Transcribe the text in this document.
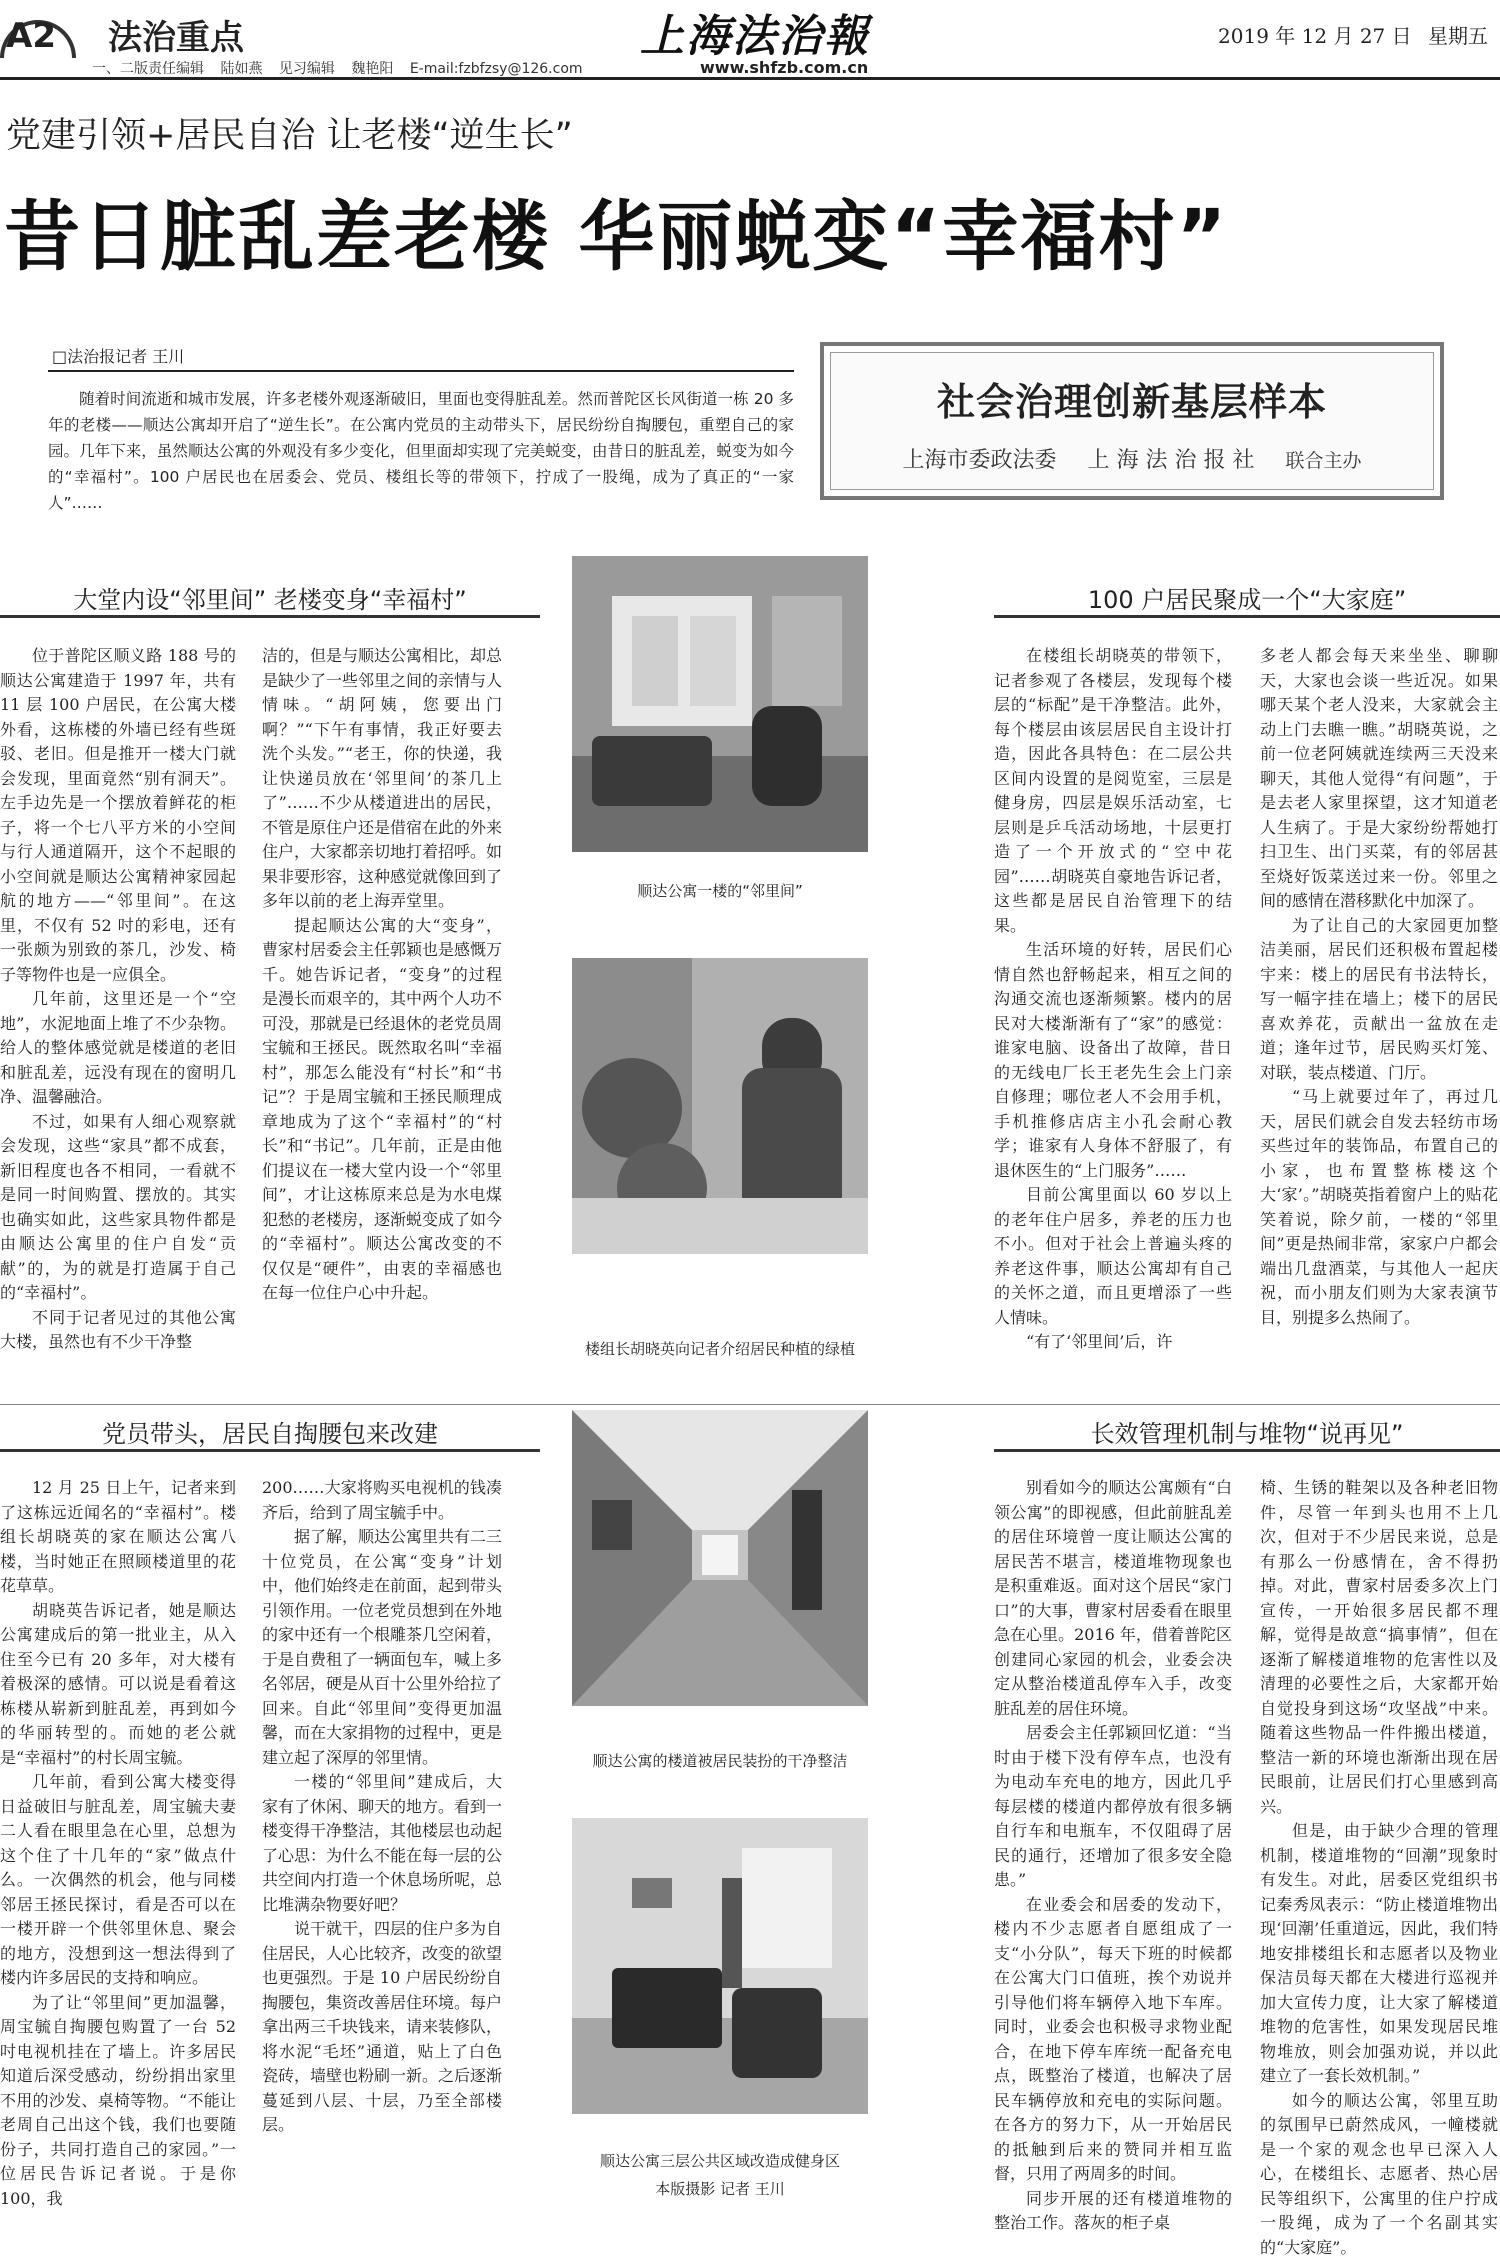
A2 法治重点
一、二版责任编辑 陆如燕 见习编辑 魏艳阳 E-mail:fzbfzsy@126.com
上海法治報
www.shfzb.com.cn
2019 年 12 月 27 日 星期五
党建引领+居民自治 让老楼“逆生长”
昔日脏乱差老楼 华丽蜕变“幸福村”
□法治报记者 王川
随着时间流逝和城市发展，许多老楼外观逐渐破旧，里面也变得脏乱差。然而普陀区长风街道一栋 20 多年的老楼——顺达公寓却开启了“逆生长”。在公寓内党员的主动带头下，居民纷纷自掏腰包，重塑自己的家园。几年下来，虽然顺达公寓的外观没有多少变化，但里面却实现了完美蜕变，由昔日的脏乱差，蜕变为如今的“幸福村”。100 户居民也在居委会、党员、楼组长等的带领下，拧成了一股绳，成为了真正的“一家人”……
社会治理创新基层样本
上海市委政法委 上 海 法 治 报 社 联合主办
大堂内设“邻里间” 老楼变身“幸福村”

位于普陀区顺义路 188 号的顺达公寓建造于 1997 年，共有 11 层 100 户居民，在公寓大楼外看，这栋楼的外墙已经有些斑驳、老旧。但是推开一楼大门就会发现，里面竟然“别有洞天”。左手边先是一个摆放着鲜花的柜子，将一个七八平方米的小空间与行人通道隔开，这个不起眼的小空间就是顺达公寓精神家园起航的地方——“邻里间”。在这里，不仅有 52 吋的彩电，还有一张颇为别致的茶几，沙发、椅子等物件也是一应俱全。

几年前，这里还是一个“空地”，水泥地面上堆了不少杂物。给人的整体感觉就是楼道的老旧和脏乱差，远没有现在的窗明几净、温馨融洽。

不过，如果有人细心观察就会发现，这些“家具”都不成套，新旧程度也各不相同，一看就不是同一时间购置、摆放的。其实也确实如此，这些家具物件都是由顺达公寓里的住户自发“贡献”的，为的就是打造属于自己的“幸福村”。

不同于记者见过的其他公寓大楼，虽然也有不少干净整

洁的，但是与顺达公寓相比，却总是缺少了一些邻里之间的亲情与人情味。“胡阿姨，您要出门啊？”“下午有事情，我正好要去洗个头发。”“老王，你的快递，我让快递员放在‘邻里间’的茶几上了”……不少从楼道进出的居民，不管是原住户还是借宿在此的外来住户，大家都亲切地打着招呼。如果非要形容，这种感觉就像回到了多年以前的老上海弄堂里。

提起顺达公寓的大“变身”，曹家村居委会主任郭颖也是感慨万千。她告诉记者，“变身”的过程是漫长而艰辛的，其中两个人功不可没，那就是已经退休的老党员周宝毓和王拯民。既然取名叫“幸福村”，那怎么能没有“村长”和“书记”？于是周宝毓和王拯民顺理成章地成为了这个“幸福村”的“村长”和“书记”。几年前，正是由他们提议在一楼大堂内设一个“邻里间”，才让这栋原来总是为水电煤犯愁的老楼房，逐渐蜕变成了如今的“幸福村”。顺达公寓改变的不仅仅是“硬件”，由衷的幸福感也在每一位住户心中升起。

顺达公寓一楼的“邻里间”
楼组长胡晓英向记者介绍居民种植的绿植
100 户居民聚成一个“大家庭”

在楼组长胡晓英的带领下，记者参观了各楼层，发现每个楼层的“标配”是干净整洁。此外，每个楼层由该层居民自主设计打造，因此各具特色：在二层公共区间内设置的是阅览室，三层是健身房，四层是娱乐活动室，七层则是乒乓活动场地，十层更打造了一个开放式的“空中花园”……胡晓英自豪地告诉记者，这些都是居民自治管理下的结果。

生活环境的好转，居民们心情自然也舒畅起来，相互之间的沟通交流也逐渐频繁。楼内的居民对大楼渐渐有了“家”的感觉：谁家电脑、设备出了故障，昔日的无线电厂长王老先生会上门亲自修理；哪位老人不会用手机，手机推修店店主小孔会耐心教学；谁家有人身体不舒服了，有退休医生的“上门服务”……

目前公寓里面以 60 岁以上的老年住户居多，养老的压力也不小。但对于社会上普遍头疼的养老这件事，顺达公寓却有自己的关怀之道，而且更增添了一些人情味。

“有了‘邻里间’后，许

多老人都会每天来坐坐、聊聊天，大家也会谈一些近况。如果哪天某个老人没来，大家就会主动上门去瞧一瞧。”胡晓英说，之前一位老阿姨就连续两三天没来聊天，其他人觉得“有问题”，于是去老人家里探望，这才知道老人生病了。于是大家纷纷帮她打扫卫生、出门买菜，有的邻居甚至烧好饭菜送过来一份。邻里之间的感情在潜移默化中加深了。

为了让自己的大家园更加整洁美丽，居民们还积极布置起楼宇来：楼上的居民有书法特长，写一幅字挂在墙上；楼下的居民喜欢养花，贡献出一盆放在走道；逢年过节，居民购买灯笼、对联，装点楼道、门厅。

“马上就要过年了，再过几天，居民们就会自发去轻纺市场买些过年的装饰品，布置自己的小家，也布置整栋楼这个大‘家’。”胡晓英指着窗户上的贴花笑着说，除夕前，一楼的“邻里间”更是热闹非常，家家户户都会端出几盘酒菜，与其他人一起庆祝，而小朋友们则为大家表演节目，别提多么热闹了。

党员带头，居民自掏腰包来改建

12 月 25 日上午，记者来到了这栋远近闻名的“幸福村”。楼组长胡晓英的家在顺达公寓八楼，当时她正在照顾楼道里的花花草草。

胡晓英告诉记者，她是顺达公寓建成后的第一批业主，从入住至今已有 20 多年，对大楼有着极深的感情。可以说是看着这栋楼从崭新到脏乱差，再到如今的华丽转型的。而她的老公就是“幸福村”的村长周宝毓。

几年前，看到公寓大楼变得日益破旧与脏乱差，周宝毓夫妻二人看在眼里急在心里，总想为这个住了十几年的“家”做点什么。一次偶然的机会，他与同楼邻居王拯民探讨，看是否可以在一楼开辟一个供邻里休息、聚会的地方，没想到这一想法得到了楼内许多居民的支持和响应。

为了让“邻里间”更加温馨，周宝毓自掏腰包购置了一台 52 吋电视机挂在了墙上。许多居民知道后深受感动，纷纷捐出家里不用的沙发、桌椅等物。“不能让老周自己出这个钱，我们也要随份子，共同打造自己的家园。”一位居民告诉记者说。于是你 100，我

200……大家将购买电视机的钱凑齐后，给到了周宝毓手中。

据了解，顺达公寓里共有二三十位党员，在公寓“变身”计划中，他们始终走在前面，起到带头引领作用。一位老党员想到在外地的家中还有一个根雕茶几空闲着，于是自费租了一辆面包车，喊上多名邻居，硬是从百十公里外给拉了回来。自此“邻里间”变得更加温馨，而在大家捐物的过程中，更是建立起了深厚的邻里情。

一楼的“邻里间”建成后，大家有了休闲、聊天的地方。看到一楼变得干净整洁，其他楼层也动起了心思：为什么不能在每一层的公共空间内打造一个休息场所呢，总比堆满杂物要好吧？

说干就干，四层的住户多为自住居民，人心比较齐，改变的欲望也更强烈。于是 10 户居民纷纷自掏腰包，集资改善居住环境。每户拿出两三千块钱来，请来装修队，将水泥“毛坯”通道，贴上了白色瓷砖，墙壁也粉刷一新。之后逐渐蔓延到八层、十层，乃至全部楼层。

顺达公寓的楼道被居民装扮的干净整洁
顺达公寓三层公共区域改造成健身区
本版摄影 记者 王川
长效管理机制与堆物“说再见”

别看如今的顺达公寓颇有“白领公寓”的即视感，但此前脏乱差的居住环境曾一度让顺达公寓的居民苦不堪言，楼道堆物现象也是积重难返。面对这个居民“家门口”的大事，曹家村居委看在眼里急在心里。2016 年，借着普陀区创建同心家园的机会，业委会决定从整治楼道乱停车入手，改变脏乱差的居住环境。

居委会主任郭颖回忆道：“当时由于楼下没有停车点，也没有为电动车充电的地方，因此几乎每层楼的楼道内都停放有很多辆自行车和电瓶车，不仅阻碍了居民的通行，还增加了很多安全隐患。”

在业委会和居委的发动下，楼内不少志愿者自愿组成了一支“小分队”，每天下班的时候都在公寓大门口值班，挨个劝说并引导他们将车辆停入地下车库。同时，业委会也积极寻求物业配合，在地下停车库统一配备充电点，既整治了楼道，也解决了居民车辆停放和充电的实际问题。在各方的努力下，从一开始居民的抵触到后来的赞同并相互监督，只用了两周多的时间。

同步开展的还有楼道堆物的整治工作。落灰的柜子桌

椅、生锈的鞋架以及各种老旧物件，尽管一年到头也用不上几次，但对于不少居民来说，总是有那么一份感情在，舍不得扔掉。对此，曹家村居委多次上门宣传，一开始很多居民都不理解，觉得是故意“搞事情”，但在逐渐了解楼道堆物的危害性以及清理的必要性之后，大家都开始自觉投身到这场“攻坚战”中来。随着这些物品一件件搬出楼道，整洁一新的环境也渐渐出现在居民眼前，让居民们打心里感到高兴。

但是，由于缺少合理的管理机制，楼道堆物的“回潮”现象时有发生。对此，居委区党组织书记秦秀凤表示：“防止楼道堆物出现‘回潮’任重道远，因此，我们特地安排楼组长和志愿者以及物业保洁员每天都在大楼进行巡视并加大宣传力度，让大家了解楼道堆物的危害性，如果发现居民堆物堆放，则会加强劝说，并以此建立了一套长效机制。”

如今的顺达公寓，邻里互助的氛围早已蔚然成风，一幢楼就是一个家的观念也早已深入人心，在楼组长、志愿者、热心居民等组织下，公寓里的住户拧成一股绳，成为了一个名副其实的“大家庭”。
